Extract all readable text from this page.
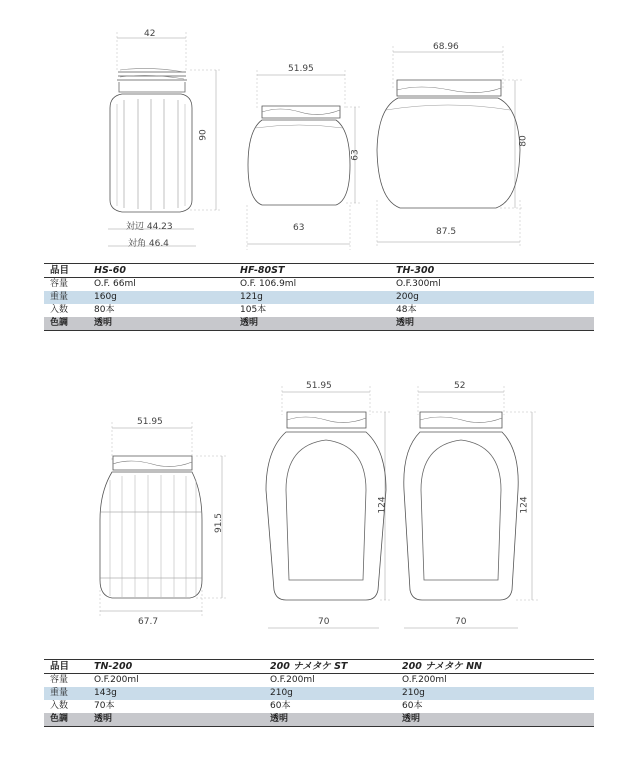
42
90
対辺 44.23
対角 46.4
51.95
63
63
68.96
80
87.5
品目	HS-60	HF-80ST	TH-300
容量	O.F. 66ml	O.F. 106.9ml	O.F.300ml
重量	160g	121g	200g
入数	80本	105本	48本
色調	透明	透明	透明
51.95
91.5
67.7
51.95
124
70
52
124
70
品目	TN-200	200 ナメタケ ST	200 ナメタケ NN
容量	O.F.200ml	O.F.200ml	O.F.200ml
重量	143g	210g	210g
入数	70本	60本	60本
色調	透明	透明	透明
